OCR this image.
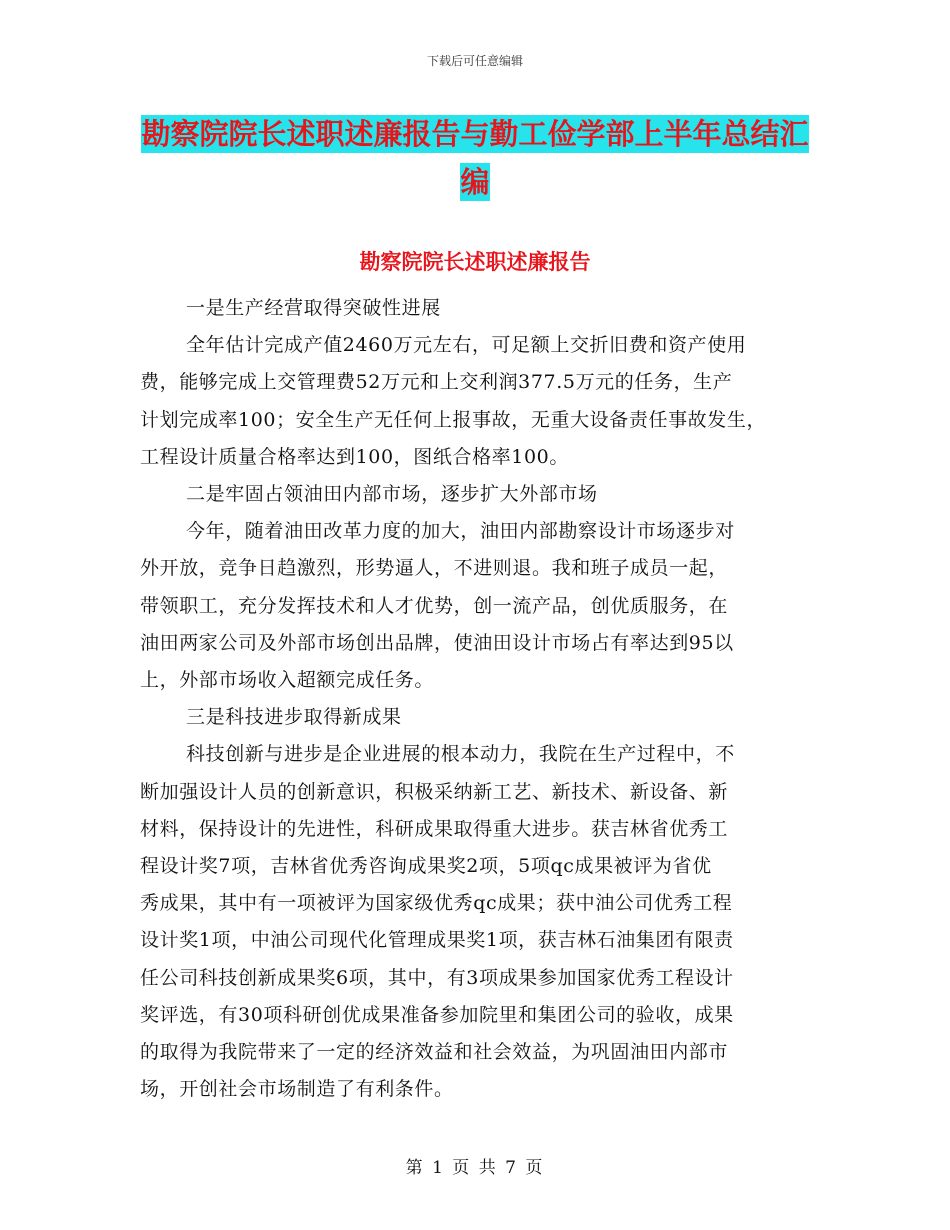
下载后可任意编辑
勘察院院长述职述廉报告与勤工俭学部上半年总结汇
编
勘察院院长述职述廉报告

一是生产经营取得突破性进展

全年估计完成产值2460万元左右，可足额上交折旧费和资产使用

费，能够完成上交管理费52万元和上交利润377.5万元的任务，生产

计划完成率100；安全生产无任何上报事故，无重大设备责任事故发生，

工程设计质量合格率达到100，图纸合格率100。

二是牢固占领油田内部市场，逐步扩大外部市场

今年，随着油田改革力度的加大，油田内部勘察设计市场逐步对

外开放，竞争日趋激烈，形势逼人，不进则退。我和班子成员一起，

带领职工，充分发挥技术和人才优势，创一流产品，创优质服务，在

油田两家公司及外部市场创出品牌，使油田设计市场占有率达到95以

上，外部市场收入超额完成任务。

三是科技进步取得新成果

科技创新与进步是企业进展的根本动力，我院在生产过程中，不

断加强设计人员的创新意识，积极采纳新工艺、新技术、新设备、新

材料，保持设计的先进性，科研成果取得重大进步。获吉林省优秀工

程设计奖7项，吉林省优秀咨询成果奖2项，5项qc成果被评为省优

秀成果，其中有一项被评为国家级优秀qc成果；获中油公司优秀工程

设计奖1项，中油公司现代化管理成果奖1项，获吉林石油集团有限责

任公司科技创新成果奖6项，其中，有3项成果参加国家优秀工程设计

奖评选，有30项科研创优成果准备参加院里和集团公司的验收，成果

的取得为我院带来了一定的经济效益和社会效益，为巩固油田内部市

场，开创社会市场制造了有利条件。

第 1 页 共 7 页
